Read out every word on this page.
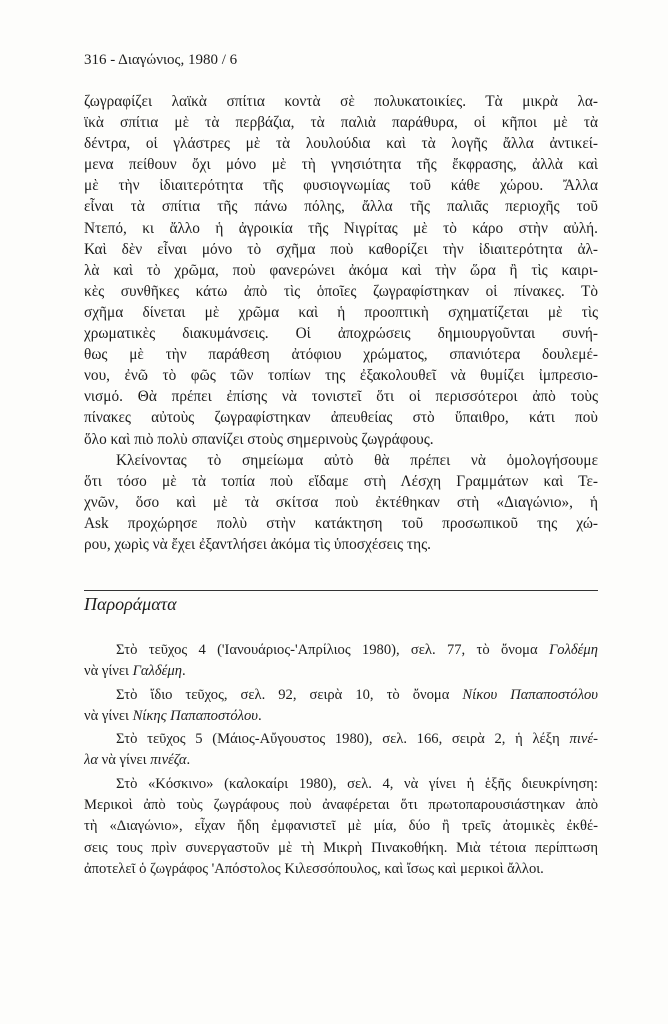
316 - Διαγώνιος, 1980 / 6
ζωγραφίζει λαϊκὰ σπίτια κοντὰ σὲ πολυκατοικίες. Τὰ μικρὰ λα-
ϊκὰ σπίτια μὲ τὰ περβάζια, τὰ παλιὰ παράθυρα, οἱ κῆποι μὲ τὰ
δέντρα, οἱ γλάστρες μὲ τὰ λουλούδια καὶ τὰ λογῆς ἄλλα ἀντικεί-
μενα πείθουν ὄχι μόνο μὲ τὴ γνησιότητα τῆς ἔκφρασης, ἀλλὰ καὶ
μὲ τὴν ἰδιαιτερότητα τῆς φυσιογνωμίας τοῦ κάθε χώρου. Ἄλλα
εἶναι τὰ σπίτια τῆς πάνω πόλης, ἄλλα τῆς παλιᾶς περιοχῆς τοῦ
Ντεπό, κι ἄλλο ἡ ἀγροικία τῆς Νιγρίτας μὲ τὸ κάρο στὴν αὐλή.
Καὶ δὲν εἶναι μόνο τὸ σχῆμα ποὺ καθορίζει τὴν ἰδιαιτερότητα ἀλ-
λὰ καὶ τὸ χρῶμα, ποὺ φανερώνει ἀκόμα καὶ τὴν ὥρα ἢ τὶς καιρι-
κὲς συνθῆκες κάτω ἀπὸ τὶς ὁποῖες ζωγραφίστηκαν οἱ πίνακες. Τὸ
σχῆμα δίνεται μὲ χρῶμα καὶ ἡ προοπτικὴ σχηματίζεται μὲ τὶς
χρωματικὲς διακυμάνσεις. Οἱ ἀποχρώσεις δημιουργοῦνται συνή-
θως μὲ τὴν παράθεση ἀτόφιου χρώματος, σπανιότερα δουλεμέ-
νου, ἐνῶ τὸ φῶς τῶν τοπίων της ἐξακολουθεῖ νὰ θυμίζει ἰμπρεσιο-
νισμό. Θὰ πρέπει ἐπίσης νὰ τονιστεῖ ὅτι οἱ περισσότεροι ἀπὸ τοὺς
πίνακες αὐτοὺς ζωγραφίστηκαν ἀπευθείας στὸ ὕπαιθρο, κάτι ποὺ
ὅλο καὶ πιὸ πολὺ σπανίζει στοὺς σημερινοὺς ζωγράφους.
Κλείνοντας τὸ σημείωμα αὐτὸ θὰ πρέπει νὰ ὁμολογήσουμε
ὅτι τόσο μὲ τὰ τοπία ποὺ εἴδαμε στὴ Λέσχη Γραμμάτων καὶ Τε-
χνῶν, ὅσο καὶ μὲ τὰ σκίτσα ποὺ ἐκτέθηκαν στὴ «Διαγώνιο», ἡ
Ask προχώρησε πολὺ στὴν κατάκτηση τοῦ προσωπικοῦ της χώ-
ρου, χωρὶς νὰ ἔχει ἐξαντλήσει ἀκόμα τὶς ὑποσχέσεις της.
Παροράματα
Στὸ τεῦχος 4 ('Ιανουάριος-'Απρίλιος 1980), σελ. 77, τὸ ὄνομα Γολδέμη
νὰ γίνει Γαλδέμη.
Στὸ ἴδιο τεῦχος, σελ. 92, σειρὰ 10, τὸ ὄνομα Νίκου Παπαποστόλου
νὰ γίνει Νίκης Παπαποστόλου.
Στὸ τεῦχος 5 (Μάιος-Αὔγουστος 1980), σελ. 166, σειρὰ 2, ἡ λέξη πινέ-
λα νὰ γίνει πινέζα.
Στὸ «Κόσκινο» (καλοκαίρι 1980), σελ. 4, νὰ γίνει ἡ ἑξῆς διευκρίνηση:
Μερικοὶ ἀπὸ τοὺς ζωγράφους ποὺ ἀναφέρεται ὅτι πρωτοπαρουσιάστηκαν ἀπὸ
τὴ «Διαγώνιο», εἶχαν ἤδη ἐμφανιστεῖ μὲ μία, δύο ἢ τρεῖς ἀτομικὲς ἐκθέ-
σεις τους πρὶν συνεργαστοῦν μὲ τὴ Μικρὴ Πινακοθήκη. Μιὰ τέτοια περίπτωση
ἀποτελεῖ ὁ ζωγράφος 'Απόστολος Κιλεσσόπουλος, καὶ ἴσως καὶ μερικοὶ ἄλλοι.
